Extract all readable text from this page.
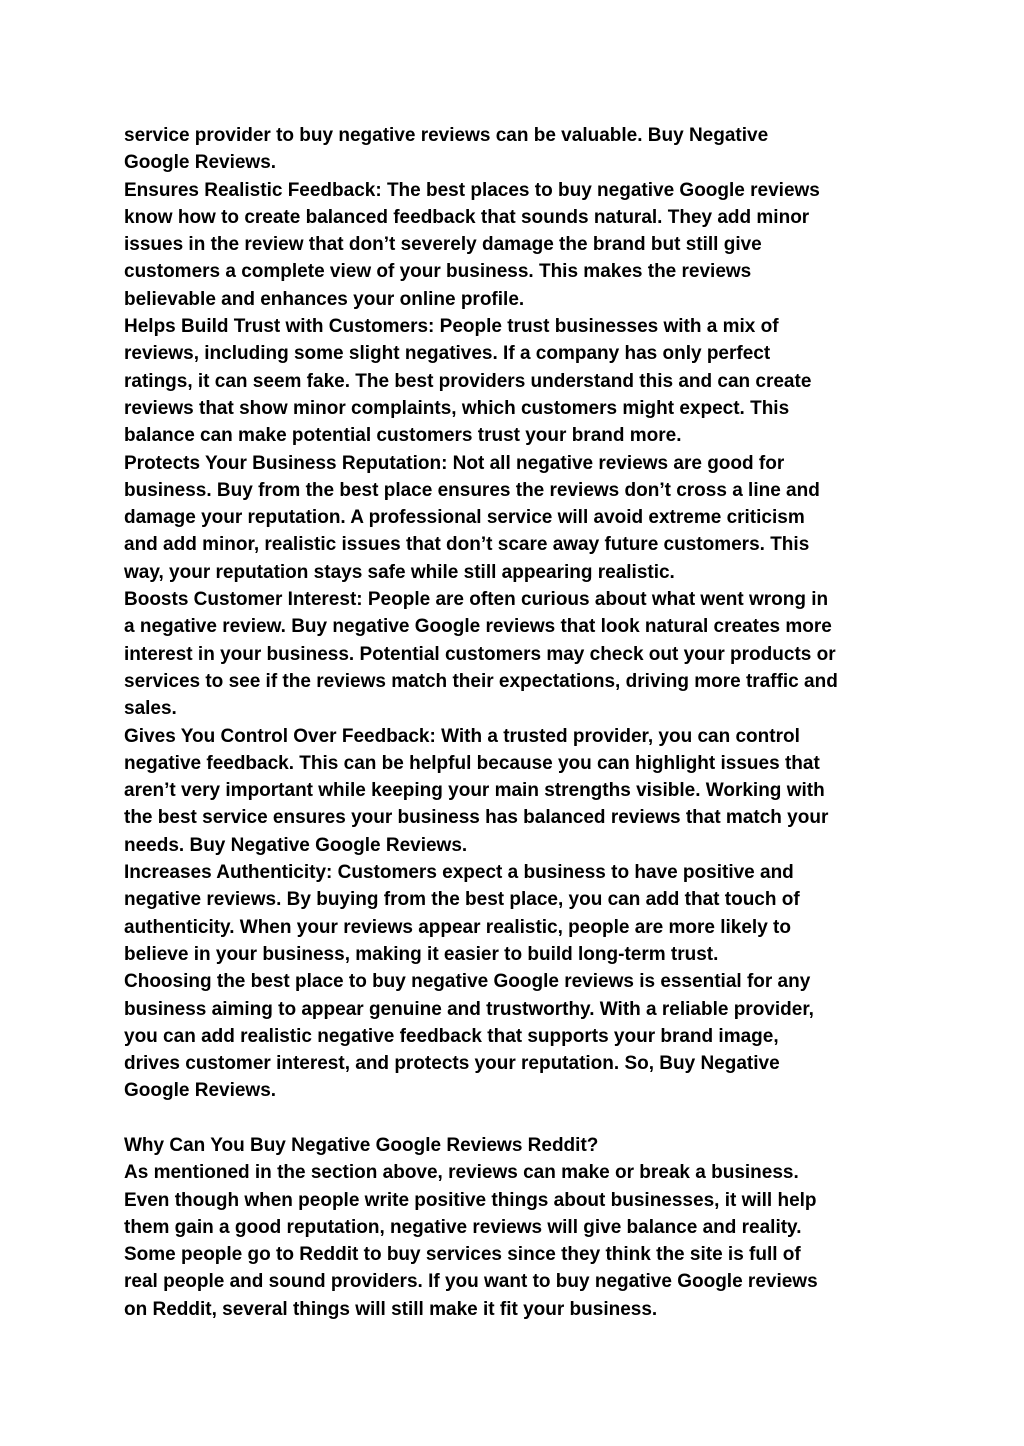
service provider to buy negative reviews can be valuable. Buy Negative
Google Reviews.
Ensures Realistic Feedback: The best places to buy negative Google reviews
know how to create balanced feedback that sounds natural. They add minor
issues in the review that don’t severely damage the brand but still give
customers a complete view of your business. This makes the reviews
believable and enhances your online profile.
Helps Build Trust with Customers: People trust businesses with a mix of
reviews, including some slight negatives. If a company has only perfect
ratings, it can seem fake. The best providers understand this and can create
reviews that show minor complaints, which customers might expect. This
balance can make potential customers trust your brand more.
Protects Your Business Reputation: Not all negative reviews are good for
business. Buy from the best place ensures the reviews don’t cross a line and
damage your reputation. A professional service will avoid extreme criticism
and add minor, realistic issues that don’t scare away future customers. This
way, your reputation stays safe while still appearing realistic.
Boosts Customer Interest: People are often curious about what went wrong in
a negative review. Buy negative Google reviews that look natural creates more
interest in your business. Potential customers may check out your products or
services to see if the reviews match their expectations, driving more traffic and
sales.
Gives You Control Over Feedback: With a trusted provider, you can control
negative feedback. This can be helpful because you can highlight issues that
aren’t very important while keeping your main strengths visible. Working with
the best service ensures your business has balanced reviews that match your
needs. Buy Negative Google Reviews.
Increases Authenticity: Customers expect a business to have positive and
negative reviews. By buying from the best place, you can add that touch of
authenticity. When your reviews appear realistic, people are more likely to
believe in your business, making it easier to build long-term trust.
Choosing the best place to buy negative Google reviews is essential for any
business aiming to appear genuine and trustworthy. With a reliable provider,
you can add realistic negative feedback that supports your brand image,
drives customer interest, and protects your reputation. So, Buy Negative
Google Reviews.
Why Can You Buy Negative Google Reviews Reddit?
As mentioned in the section above, reviews can make or break a business.
Even though when people write positive things about businesses, it will help
them gain a good reputation, negative reviews will give balance and reality.
Some people go to Reddit to buy services since they think the site is full of
real people and sound providers. If you want to buy negative Google reviews
on Reddit, several things will still make it fit your business.
